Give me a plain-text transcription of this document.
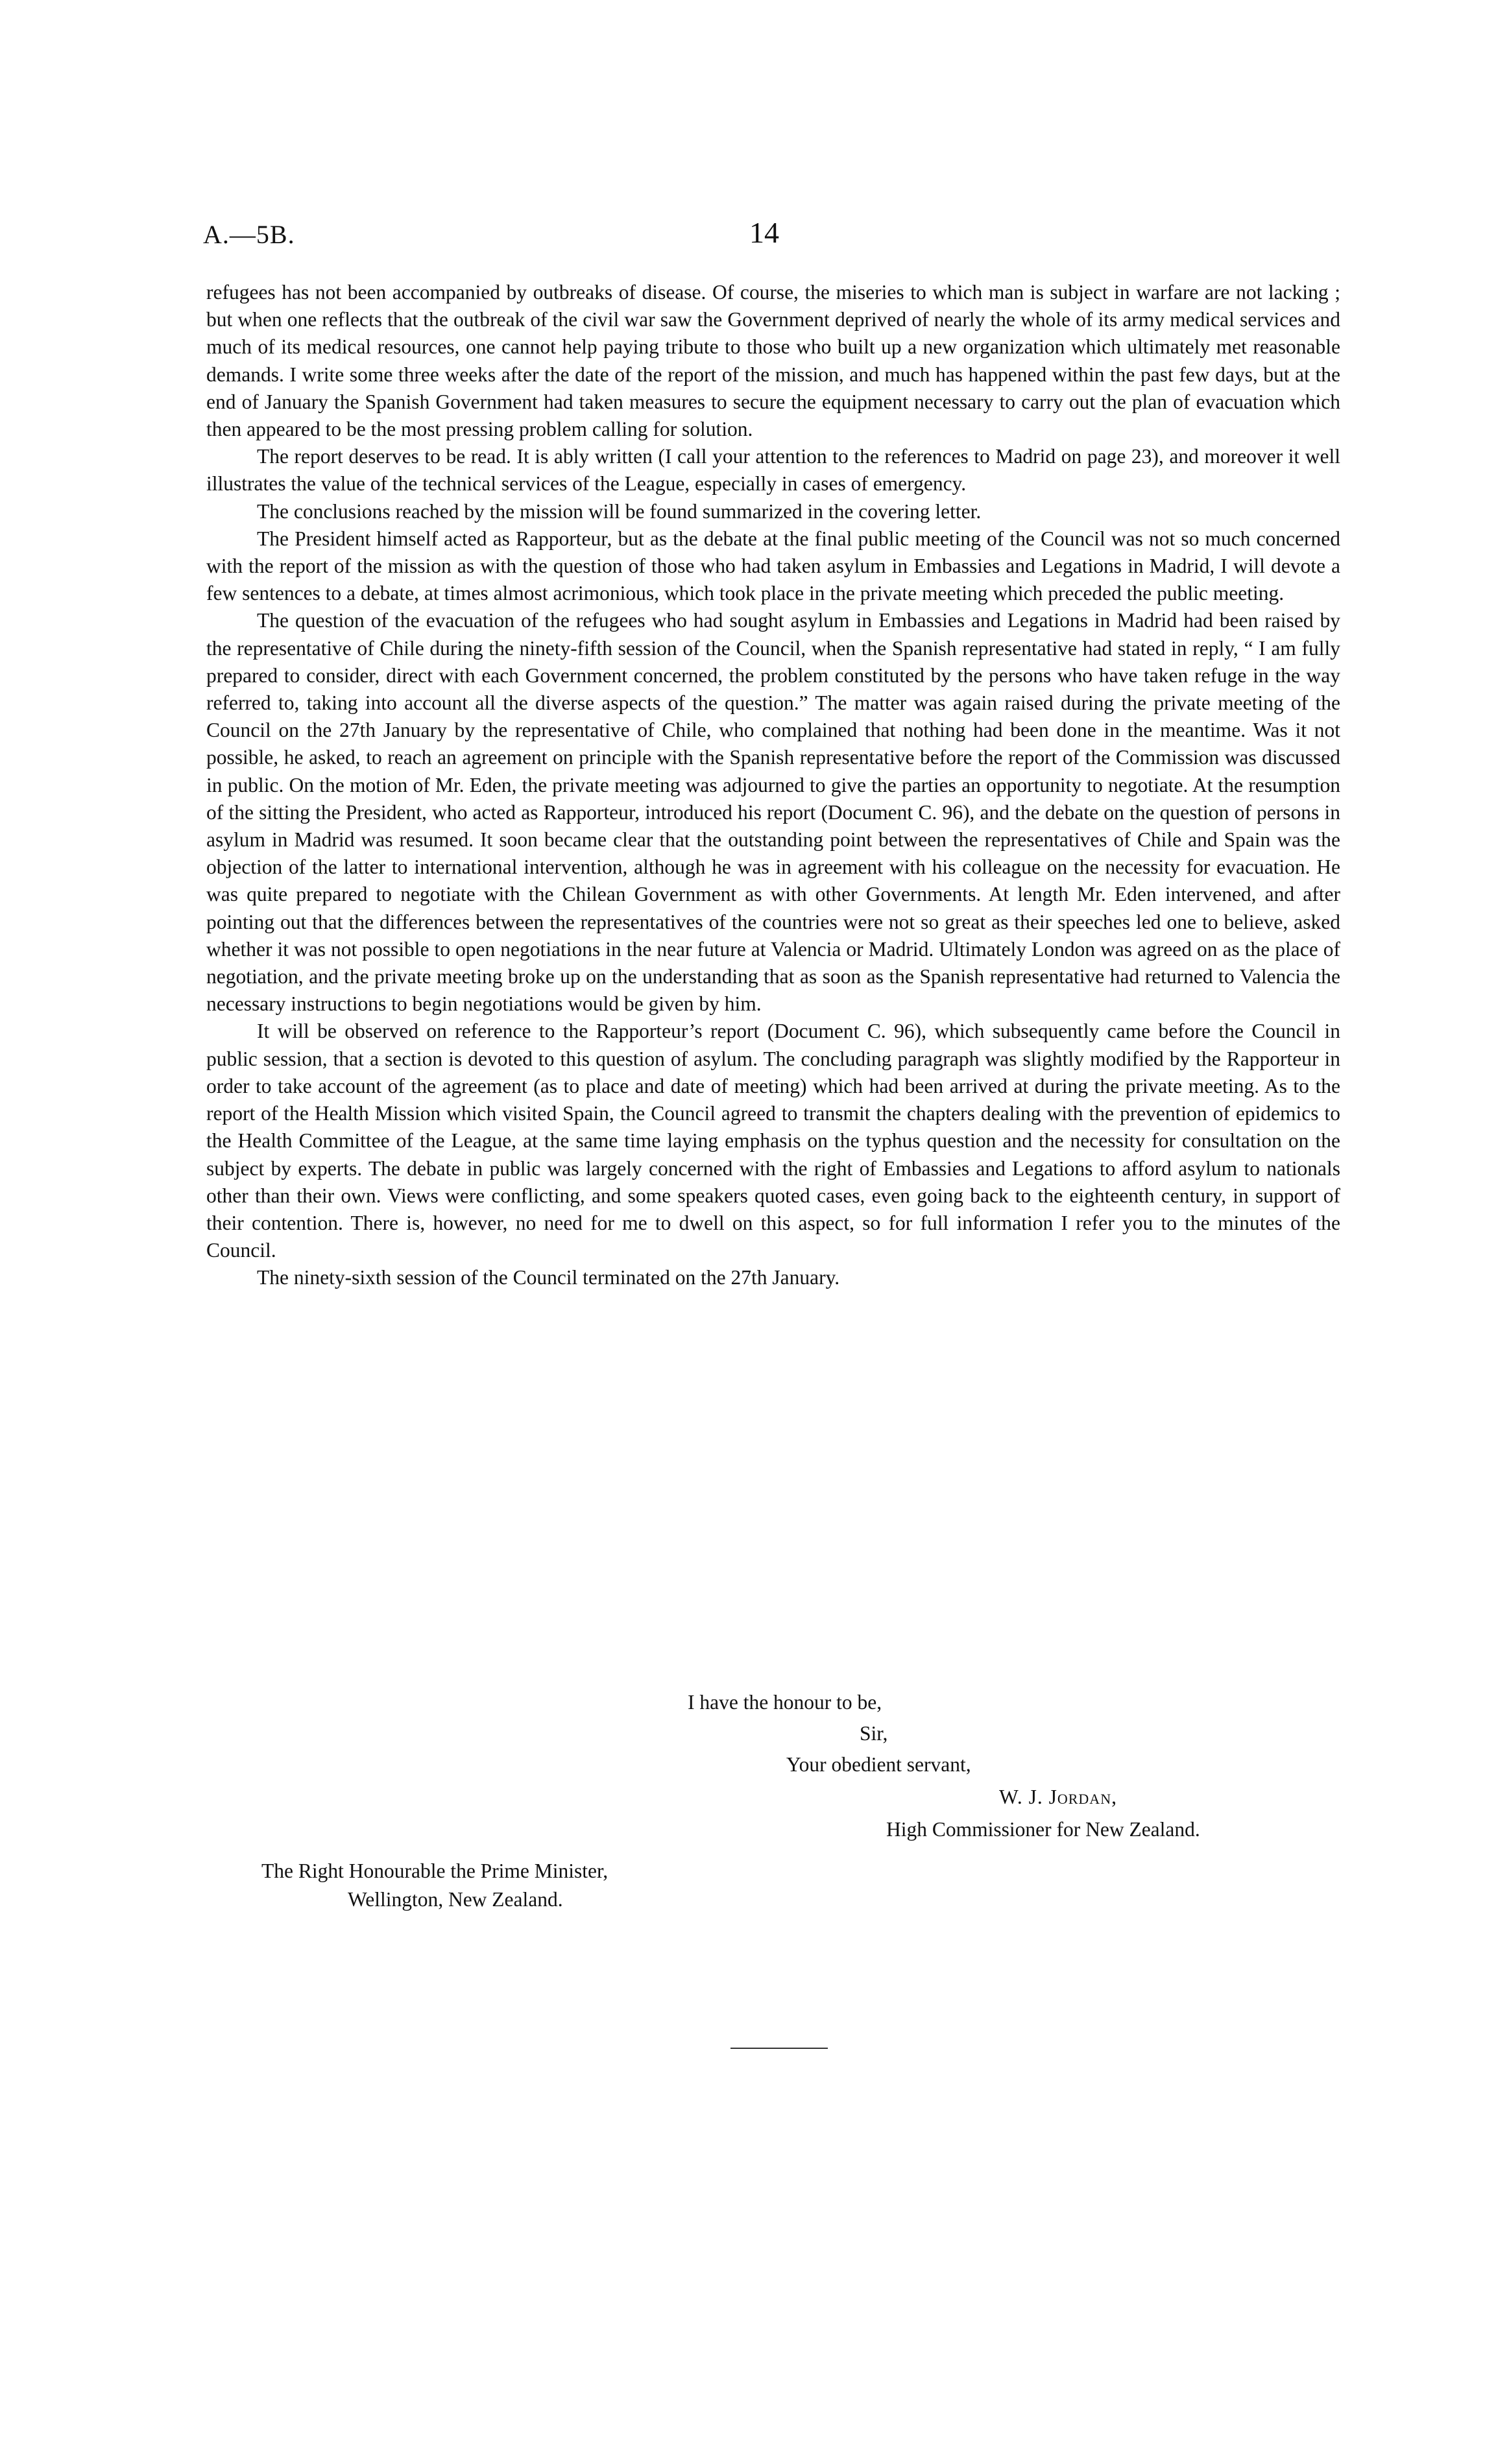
A.—5B.	14

refugees has not been accompanied by outbreaks of disease. Of course, the miseries to which man is subject in warfare are not lacking ; but when one reflects that the outbreak of the civil war saw the Government deprived of nearly the whole of its army medical services and much of its medical resources, one cannot help paying tribute to those who built up a new organization which ultimately met reasonable demands. I write some three weeks after the date of the report of the mission, and much has happened within the past few days, but at the end of January the Spanish Government had taken measures to secure the equipment necessary to carry out the plan of evacuation which then appeared to be the most pressing problem calling for solution.

The report deserves to be read. It is ably written (I call your attention to the references to Madrid on page 23), and moreover it well illustrates the value of the technical services of the League, especially in cases of emergency.

The conclusions reached by the mission will be found summarized in the covering letter.

The President himself acted as Rapporteur, but as the debate at the final public meeting of the Council was not so much concerned with the report of the mission as with the question of those who had taken asylum in Embassies and Legations in Madrid, I will devote a few sentences to a debate, at times almost acrimonious, which took place in the private meeting which preceded the public meeting.

The question of the evacuation of the refugees who had sought asylum in Embassies and Legations in Madrid had been raised by the representative of Chile during the ninety-fifth session of the Council, when the Spanish representative had stated in reply, “ I am fully prepared to consider, direct with each Government concerned, the problem constituted by the persons who have taken refuge in the way referred to, taking into account all the diverse aspects of the question.” The matter was again raised during the private meeting of the Council on the 27th January by the representative of Chile, who complained that nothing had been done in the meantime. Was it not possible, he asked, to reach an agreement on principle with the Spanish representative before the report of the Commission was discussed in public. On the motion of Mr. Eden, the private meeting was adjourned to give the parties an opportunity to negotiate. At the resumption of the sitting the President, who acted as Rapporteur, introduced his report (Document C. 96), and the debate on the question of persons in asylum in Madrid was resumed. It soon became clear that the outstanding point between the representatives of Chile and Spain was the objection of the latter to international intervention, although he was in agreement with his colleague on the necessity for evacuation. He was quite prepared to negotiate with the Chilean Government as with other Governments. At length Mr. Eden intervened, and after pointing out that the differences between the representatives of the countries were not so great as their speeches led one to believe, asked whether it was not possible to open negotiations in the near future at Valencia or Madrid. Ultimately London was agreed on as the place of negotiation, and the private meeting broke up on the understanding that as soon as the Spanish representative had returned to Valencia the necessary instructions to begin negotiations would be given by him.

It will be observed on reference to the Rapporteur’s report (Document C. 96), which subsequently came before the Council in public session, that a section is devoted to this question of asylum. The concluding paragraph was slightly modified by the Rapporteur in order to take account of the agreement (as to place and date of meeting) which had been arrived at during the private meeting. As to the report of the Health Mission which visited Spain, the Council agreed to transmit the chapters dealing with the prevention of epidemics to the Health Committee of the League, at the same time laying emphasis on the typhus question and the necessity for consultation on the subject by experts. The debate in public was largely concerned with the right of Embassies and Legations to afford asylum to nationals other than their own. Views were conflicting, and some speakers quoted cases, even going back to the eighteenth century, in support of their contention. There is, however, no need for me to dwell on this aspect, so for full information I refer you to the minutes of the Council.

The ninety-sixth session of the Council terminated on the 27th January.

I have the honour to be,
Sir,
Your obedient servant,
W. J. Jordan,
High Commissioner for New Zealand.
The Right Honourable the Prime Minister,
Wellington, New Zealand.
